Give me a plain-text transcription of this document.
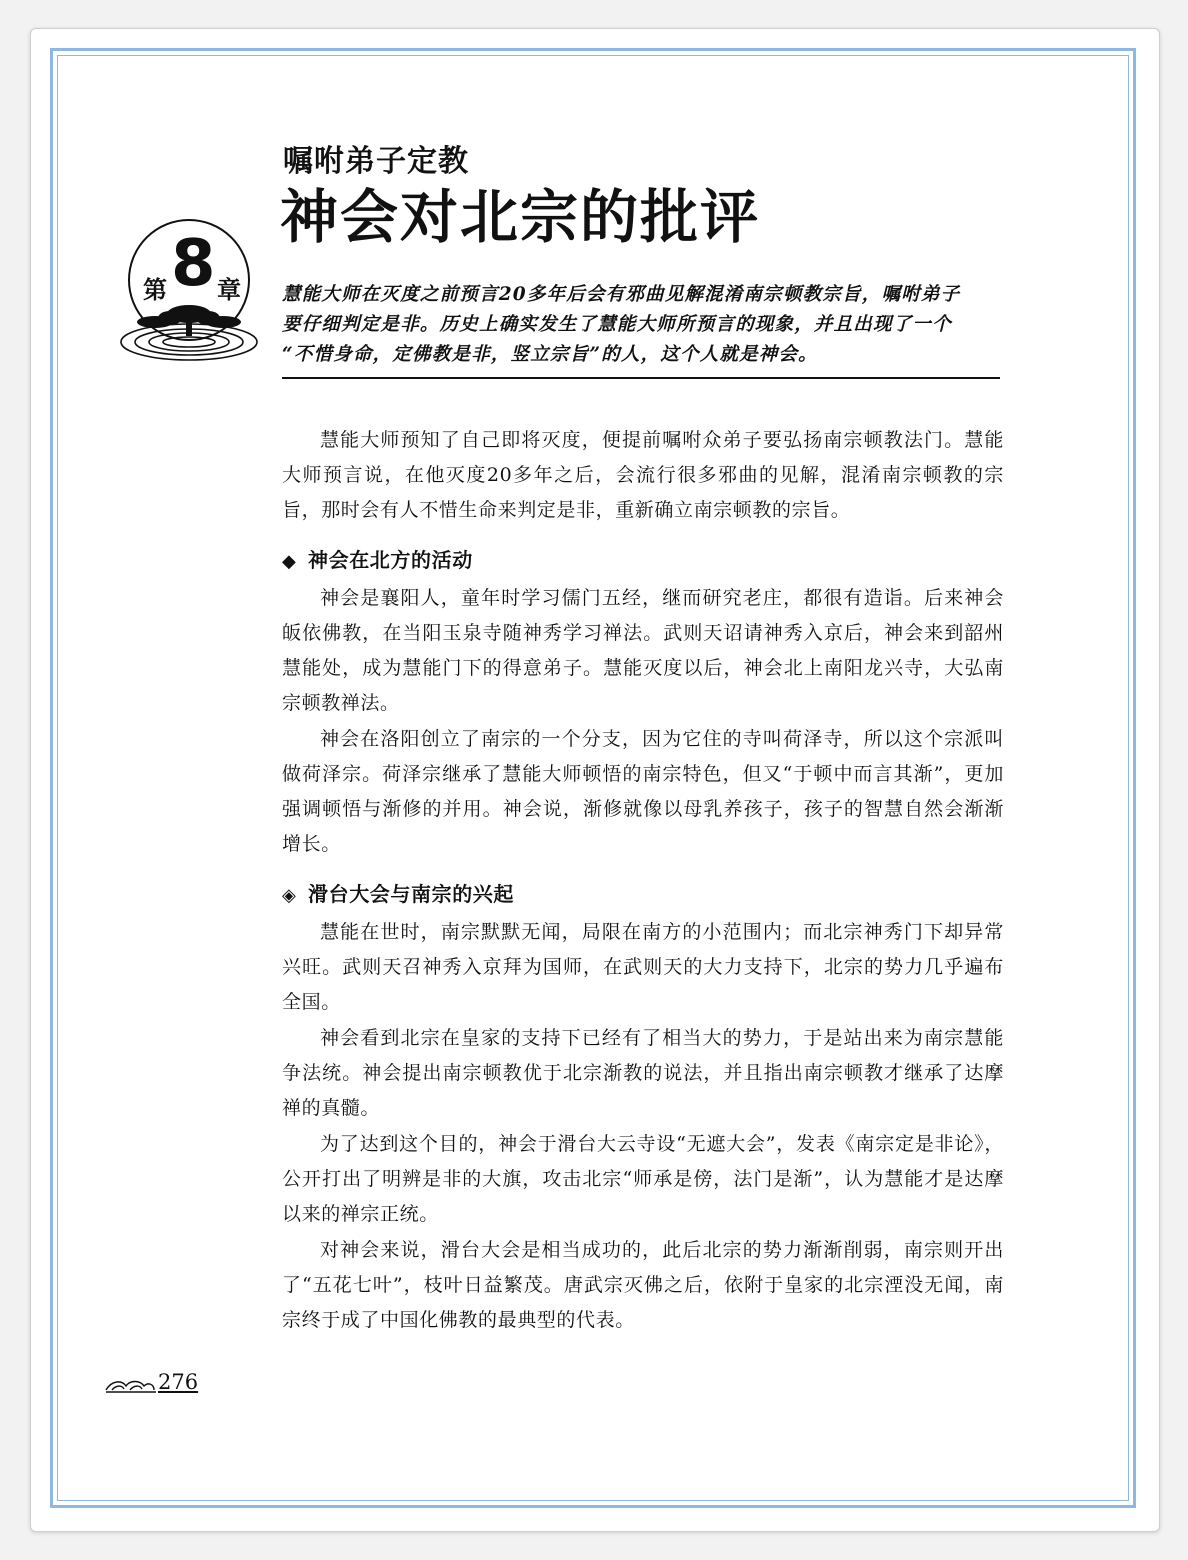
嘱咐弟子定教
神会对北宗的批评
第 8 章 慧能大师在灭度之前预言20多年后会有邪曲见解混淆南宗顿教宗旨，嘱咐弟子
要仔细判定是非。历史上确实发生了慧能大师所预言的现象，并且出现了一个
“不惜身命，定佛教是非，竖立宗旨”的人，这个人就是神会。

慧能大师预知了自己即将灭度，便提前嘱咐众弟子要弘扬南宗顿教法门。慧能大师预言说，在他灭度20多年之后，会流行很多邪曲的见解，混淆南宗顿教的宗旨，那时会有人不惜生命来判定是非，重新确立南宗顿教的宗旨。

◆ 神会在北方的活动

神会是襄阳人，童年时学习儒门五经，继而研究老庄，都很有造诣。后来神会皈依佛教，在当阳玉泉寺随神秀学习禅法。武则天诏请神秀入京后，神会来到韶州慧能处，成为慧能门下的得意弟子。慧能灭度以后，神会北上南阳龙兴寺，大弘南宗顿教禅法。

神会在洛阳创立了南宗的一个分支，因为它住的寺叫荷泽寺，所以这个宗派叫做荷泽宗。荷泽宗继承了慧能大师顿悟的南宗特色，但又“于顿中而言其渐”，更加强调顿悟与渐修的并用。神会说，渐修就像以母乳养孩子，孩子的智慧自然会渐渐增长。

◈ 滑台大会与南宗的兴起

慧能在世时，南宗默默无闻，局限在南方的小范围内；而北宗神秀门下却异常兴旺。武则天召神秀入京拜为国师，在武则天的大力支持下，北宗的势力几乎遍布全国。

神会看到北宗在皇家的支持下已经有了相当大的势力，于是站出来为南宗慧能争法统。神会提出南宗顿教优于北宗渐教的说法，并且指出南宗顿教才继承了达摩禅的真髓。

为了达到这个目的，神会于滑台大云寺设“无遮大会”，发表《南宗定是非论》，公开打出了明辨是非的大旗，攻击北宗“师承是傍，法门是渐”，认为慧能才是达摩以来的禅宗正统。

对神会来说，滑台大会是相当成功的，此后北宗的势力渐渐削弱，南宗则开出了“五花七叶”，枝叶日益繁茂。唐武宗灭佛之后，依附于皇家的北宗湮没无闻，南宗终于成了中国化佛教的最典型的代表。

276
